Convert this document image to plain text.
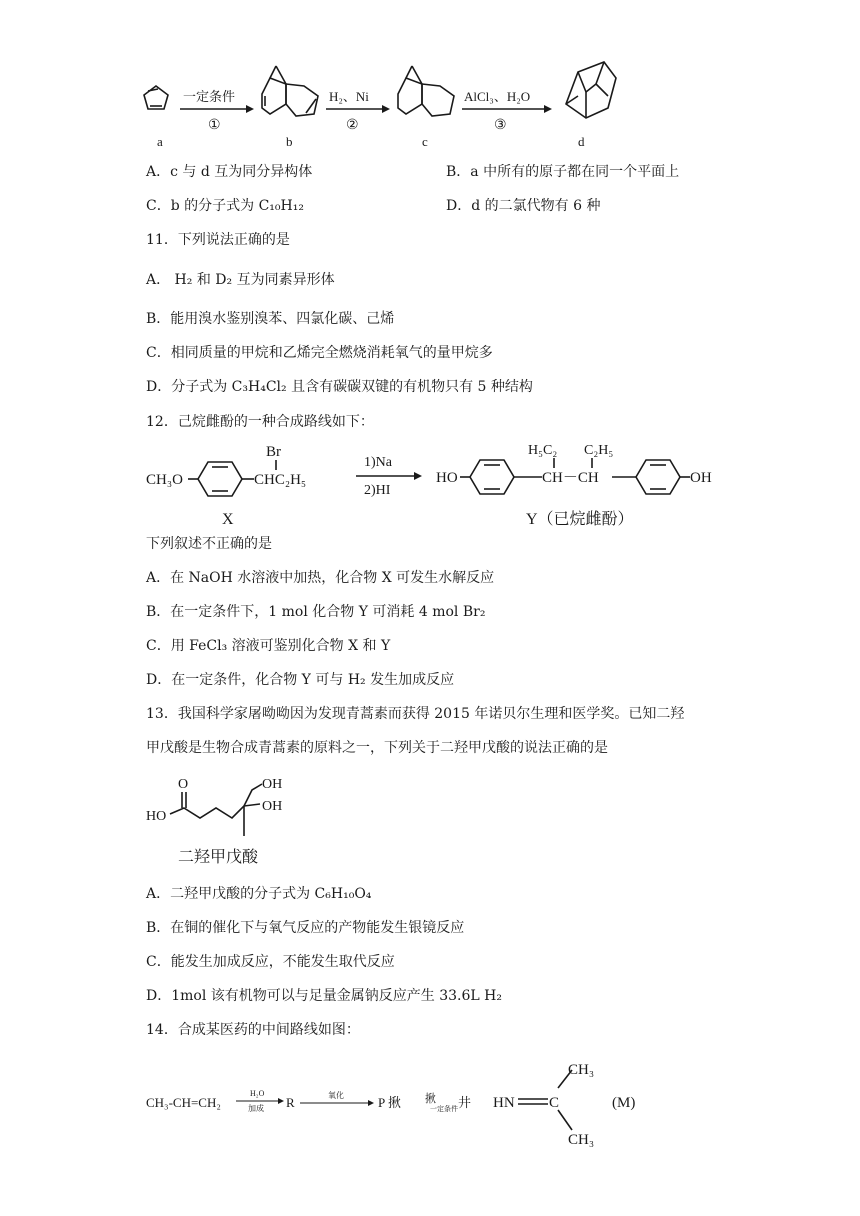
一定条件
①
H₂、Ni
②
AlCl₃、H₂O
③
a	b	c	d
A．c 与 d 互为同分异构体	B．a 中所有的原子都在同一个平面上
C．b 的分子式为 C₁₀H₁₂	D．d 的二氯代物有 6 种
11．下列说法正确的是
A． H₂ 和 D₂ 互为同素异形体
B．能用溴水鉴别溴苯、四氯化碳、己烯
C．相同质量的甲烷和乙烯完全燃烧消耗氧气的量甲烷多
D．分子式为 C₃H₄Cl₂ 且含有碳碳双键的有机物只有 5 种结构
12．己烷雌酚的一种合成路线如下：
CH₃O
Br
CHC₂H₅
X
1)Na
2)HI
HO
H₅C₂
CH－CH
C₂H₅
OH
Y（已烷雌酚）
下列叙述不正确的是
A．在 NaOH 水溶液中加热，化合物 X 可发生水解反应
B．在一定条件下，1 mol 化合物 Y 可消耗 4 mol Br₂
C．用 FeCl₃ 溶液可鉴别化合物 X 和 Y
D．在一定条件，化合物 Y 可与 H₂ 发生加成反应
13．我国科学家屠呦呦因为发现青蒿素而获得 2015 年诺贝尔生理和医学奖。已知二羟
甲戊酸是生物合成青蒿素的原料之一，下列关于二羟甲戊酸的说法正确的是
O
HO
OH
OH
二羟甲戊酸
A．二羟甲戊酸的分子式为 C₆H₁₀O₄
B．在铜的催化下与氧气反应的产物能发生银镜反应
C．能发生加成反应，不能发生取代反应
D．1mol 该有机物可以与足量金属钠反应产生 33.6L H₂
14．合成某医药的中间路线如图：
CH₃-CH=CH₂
H₂O
加成 R	氧化	P 揪 揪
一定条件 井 HN C
CH₃
CH₃
(M)
